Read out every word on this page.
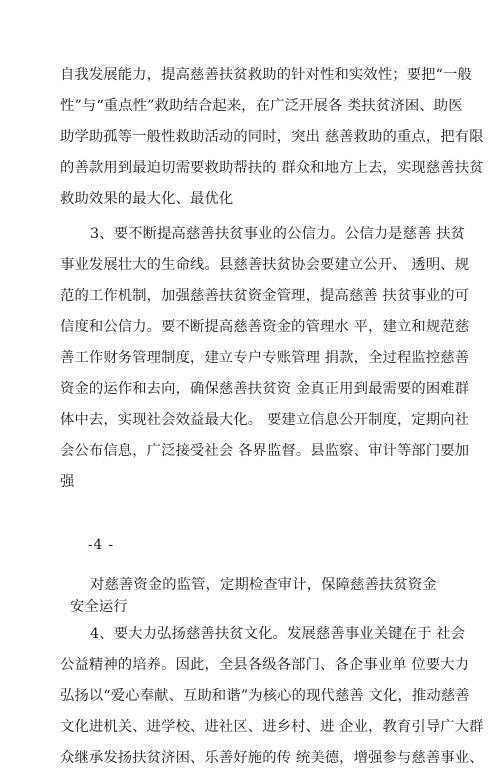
自我发展能力，提高慈善扶贫救助的针对性和实效性；要把“一般
性”与“重点性”救助结合起来，在广泛开展各 类扶贫济困、助医
助学助孤等一般性救助活动的同时，突出 慈善救助的重点，把有限
的善款用到最迫切需要救助帮扶的 群众和地方上去，实现慈善扶贫
救助效果的最大化、最优化
3、要不断提高慈善扶贫事业的公信力。公信力是慈善 扶贫
事业发展壮大的生命线。县慈善扶贫协会要建立公开、 透明、规
范的工作机制，加强慈善扶贫资金管理，提高慈善 扶贫事业的可
信度和公信力。要不断提高慈善资金的管理水 平，建立和规范慈
善工作财务管理制度，建立专户专账管理 捐款，全过程监控慈善
资金的运作和去向，确保慈善扶贫资 金真正用到最需要的困难群
体中去，实现社会效益最大化。 要建立信息公开制度，定期向社
会公布信息，广泛接受社会 各界监督。县监察、审计等部门要加
强
-4 -
对慈善资金的监管，定期检查审计，保障慈善扶贫资金
安全运行
4、要大力弘扬慈善扶贫文化。发展慈善事业关键在于 社会
公益精神的培养。因此，全县各级各部门、各企事业单 位要大力
弘扬以“爱心奉献、互助和谐”为核心的现代慈善 文化，推动慈善
文化进机关、进学校、进社区、进乡村、进 企业，教育引导广大群
众继承发扬扶贫济困、乐善好施的传 统美德，增强参与慈善事业、
